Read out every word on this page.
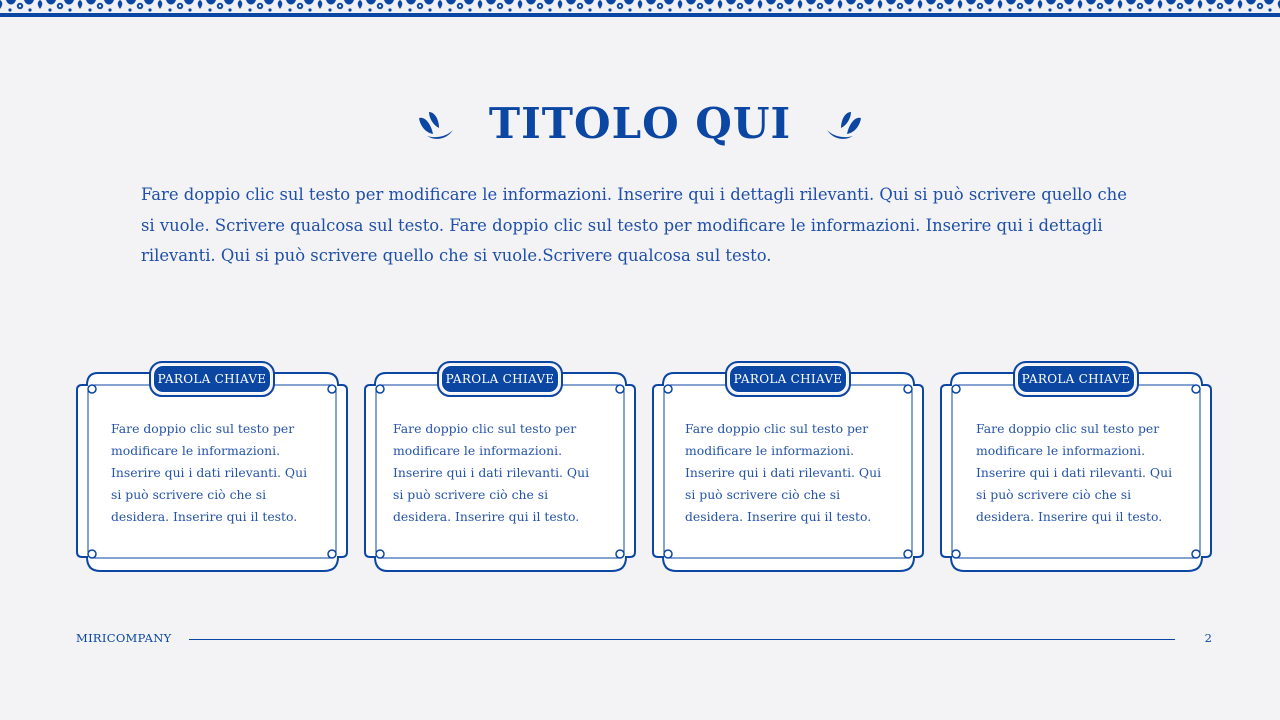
TITOLO QUI

Fare doppio clic sul testo per modificare le informazioni. Inserire qui i dettagli rilevanti. Qui si può scrivere quello che si vuole. Scrivere qualcosa sul testo. Fare doppio clic sul testo per modificare le informazioni. Inserire qui i dettagli rilevanti. Qui si può scrivere quello che si vuole.Scrivere qualcosa sul testo.

PAROLA CHIAVE

Fare doppio clic sul testo per modificare le informazioni. Inserire qui i dati rilevanti. Qui si può scrivere ciò che si desidera. Inserire qui il testo.

PAROLA CHIAVE

Fare doppio clic sul testo per modificare le informazioni. Inserire qui i dati rilevanti. Qui si può scrivere ciò che si desidera. Inserire qui il testo.

PAROLA CHIAVE

Fare doppio clic sul testo per modificare le informazioni. Inserire qui i dati rilevanti. Qui si può scrivere ciò che si desidera. Inserire qui il testo.

PAROLA CHIAVE

Fare doppio clic sul testo per modificare le informazioni. Inserire qui i dati rilevanti. Qui si può scrivere ciò che si desidera. Inserire qui il testo.

MIRICOMPANY	2
